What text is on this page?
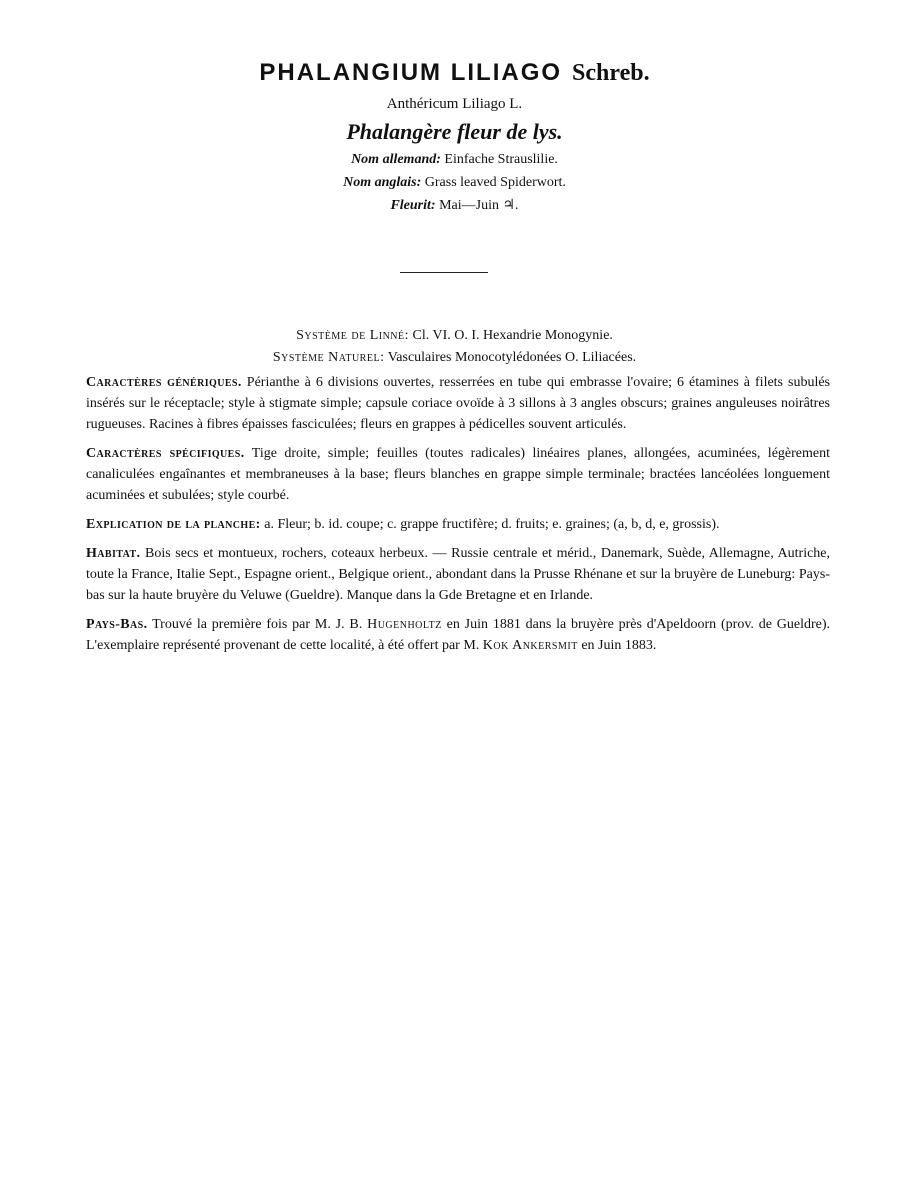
PHALANGIUM LILIAGO Schreb.
Anthéricum Liliago L.
Phalangère fleur de lys.
Nom allemand: Einfache Strauslilie.
Nom anglais: Grass leaved Spiderwort.
Fleurit: Mai—Juin ♃.
Système de Linné: Cl. VI. O. I. Hexandrie Monogynie.
Système Naturel: Vasculaires Monocotylédonées O. Liliacées.

Caractères génériques. Périanthe à 6 divisions ouvertes, resserrées en tube qui embrasse l'ovaire; 6 étamines à filets subulés insérés sur le réceptacle; style à stigmate simple; capsule coriace ovoïde à 3 sillons à 3 angles obscurs; graines anguleuses noirâtres rugueuses. Racines à fibres épaisses fasciculées; fleurs en grappes à pédicelles souvent articulés.

Caractères spécifiques. Tige droite, simple; feuilles (toutes radicales) linéaires planes, allongées, acuminées, légèrement canaliculées engaînantes et membraneuses à la base; fleurs blanches en grappe simple terminale; bractées lancéolées longuement acuminées et subulées; style courbé.

Explication de la planche: a. Fleur; b. id. coupe; c. grappe fructifère; d. fruits; e. graines; (a, b, d, e, grossis).

Habitat. Bois secs et montueux, rochers, coteaux herbeux. — Russie centrale et mérid., Danemark, Suède, Allemagne, Autriche, toute la France, Italie Sept., Espagne orient., Belgique orient., abondant dans la Prusse Rhénane et sur la bruyère de Luneburg: Pays-bas sur la haute bruyère du Veluwe (Gueldre). Manque dans la Gde Bretagne et en Irlande.

Pays-Bas. Trouvé la première fois par M. J. B. Hugenholtz en Juin 1881 dans la bruyère près d'Apeldoorn (prov. de Gueldre). L'exemplaire représenté provenant de cette localité, à été offert par M. Kok Ankersmit en Juin 1883.
